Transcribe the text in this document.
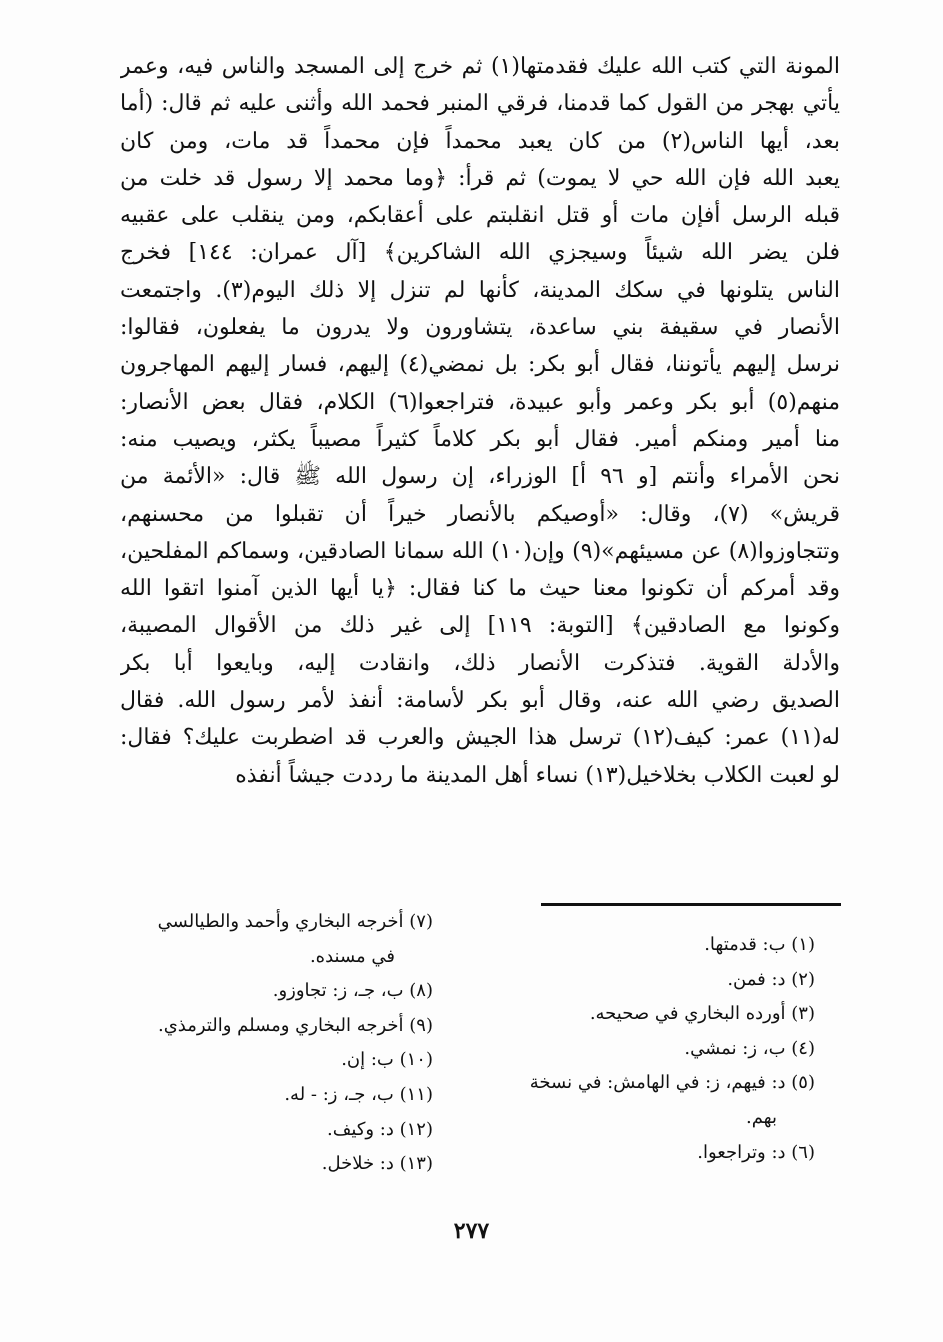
المونة التي كتب الله عليك فقدمتها(١) ثم خرج إلى المسجد والناس فيه، وعمر
يأتي بهجر من القول كما قدمنا، فرقي المنبر فحمد الله وأثنى عليه ثم قال: (أما
بعد، أيها الناس(٢) من كان يعبد محمداً فإن محمداً قد مات، ومن كان
يعبد الله فإن الله حي لا يموت) ثم قرأ: ﴿وما محمد إلا رسول قد خلت من
قبله الرسل أفإن مات أو قتل انقلبتم على أعقابكم، ومن ينقلب على عقبيه
فلن يضر الله شيئاً وسيجزي الله الشاكرين﴾ [آل عمران: ١٤٤] فخرج
الناس يتلونها في سكك المدينة، كأنها لم تنزل إلا ذلك اليوم(٣). واجتمعت
الأنصار في سقيفة بني ساعدة، يتشاورون ولا يدرون ما يفعلون، فقالوا:
نرسل إليهم يأتوننا، فقال أبو بكر: بل نمضي(٤) إليهم، فسار إليهم المهاجرون
منهم(٥) أبو بكر وعمر وأبو عبيدة، فتراجعوا(٦) الكلام، فقال بعض الأنصار:
منا أمير ومنكم أمير. فقال أبو بكر كلاماً كثيراً مصيباً يكثر، ويصيب منه:
نحن الأمراء وأنتم [و ٩٦ أ] الوزراء، إن رسول الله ﷺ قال: «الأئمة من
قريش» (٧)، وقال: «أوصيكم بالأنصار خيراً أن تقبلوا من محسنهم،
وتتجاوزوا(٨) عن مسيئهم»(٩) وإن(١٠) الله سمانا الصادقين، وسماكم المفلحين،
وقد أمركم أن تكونوا معنا حيث ما كنا فقال: ﴿يا أيها الذين آمنوا اتقوا الله
وكونوا مع الصادقين﴾ [التوبة: ١١٩] إلى غير ذلك من الأقوال المصيبة،
والأدلة القوية. فتذكرت الأنصار ذلك، وانقادت إليه، وبايعوا أبا بكر
الصديق رضي الله عنه، وقال أبو بكر لأسامة: أنفذ لأمر رسول الله. فقال
له(١١) عمر: كيف(١٢) ترسل هذا الجيش والعرب قد اضطربت عليك؟ فقال:
لو لعبت الكلاب بخلاخيل(١٣) نساء أهل المدينة ما رددت جيشاً أنفذه
(١) ب: قدمتها.
(٢) د: فمن.
(٣) أورده البخاري في صحيحه.
(٤) ب، ز: نمشي.
(٥) د: فيهم، ز: في الهامش: في نسخة
بهم.
(٦) د: وتراجعوا.
(٧) أخرجه البخاري وأحمد والطيالسي
في مسنده.
(٨) ب، جـ، ز: تجاوزو.
(٩) أخرجه البخاري ومسلم والترمذي.
(١٠) ب: إن.
(١١) ب، جـ، ز: - له.
(١٢) د: وكيف.
(١٣) د: خلاخل.
٢٧٧
